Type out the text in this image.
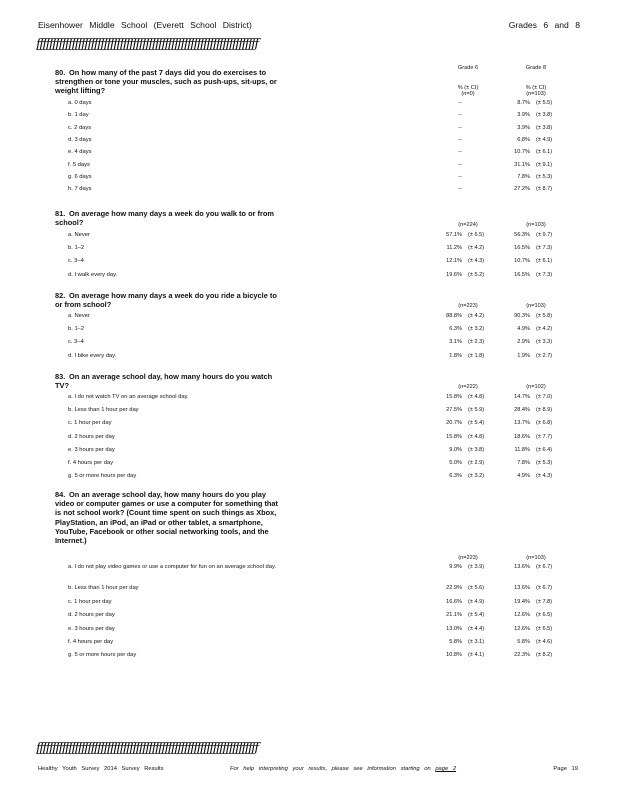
Eisenhower Middle School (Everett School District)	Grades 6 and 8
ƒƒƒƒƒƒƒƒƒƒƒƒƒƒƒƒƒƒƒƒƒƒƒƒƒƒƒƒƒƒƒƒƒƒƒƒƒƒƒƒƒƒƒƒƒƒƒƒƒƒƒƒƒƒƒƒƒƒƒƒƒƒƒƒƒƒƒƒƒ
Grade 6	Grade 8
% (± CI)	% (± CI)
80. On how many of the past 7 days did you do exercises to strengthen or tone your muscles, such as push-ups, sit-ups, or weight lifting?	(n=0)	(n=103)
a. 0 days	--	8.7% (± 5.5)
b. 1 day	--	3.9% (± 3.8)
c. 2 days	--	3.9% (± 3.8)
d. 3 days	--	6.8% (± 4.9)
e. 4 days	--	10.7% (± 6.1)
f. 5 days	--	31.1% (± 9.1)
g. 6 days	--	7.8% (± 5.3)
h. 7 days	--	27.2% (± 8.7)
81. On average how many days a week do you walk to or from school?	(n=224)	(n=103)
a. Never	57.1% (± 6.5)	56.3% (± 9.7)
b. 1–2	11.2% (± 4.2)	16.5% (± 7.3)
c. 3–4	12.1% (± 4.3)	10.7% (± 6.1)
d. I walk every day.	19.6% (± 5.2)	16.5% (± 7.3)
82. On average how many days a week do you ride a bicycle to or from school?	(n=223)	(n=103)
a. Never	88.8% (± 4.2)	90.3% (± 5.8)
b. 1–2	6.3% (± 3.2)	4.9% (± 4.2)
c. 3–4	3.1% (± 2.3)	2.9% (± 3.3)
d. I bike every day.	1.8% (± 1.8)	1.9% (± 2.7)
83. On an average school day, how many hours do you watch TV?	(n=222)	(n=102)
a. I do not watch TV on an average school day.	15.8% (± 4.8)	14.7% (± 7.0)
b. Less than 1 hour per day	27.5% (± 5.9)	28.4% (± 8.9)
c. 1 hour per day	20.7% (± 5.4)	13.7% (± 6.8)
d. 2 hours per day	15.8% (± 4.8)	18.6% (± 7.7)
e. 3 hours per day	9.0% (± 3.8)	11.8% (± 6.4)
f. 4 hours per day	5.0% (± 2.9)	7.8% (± 5.3)
g. 5 or more hours per day	6.3% (± 3.2)	4.9% (± 4.3)
84. On an average school day, how many hours do you play video or computer games or use a computer for something that is not school work? (Count time spent on such things as Xbox, PlayStation, an iPod, an iPad or other tablet, a smartphone, YouTube, Facebook or other social networking tools, and the Internet.)
(n=223)	(n=103)
a. I do not play video games or use a computer for fun on an average school day.	9.9% (± 3.9)	13.6% (± 6.7)
b. Less than 1 hour per day	22.9% (± 5.6)	13.6% (± 6.7)
c. 1 hour per day	16.6% (± 4.9)	19.4% (± 7.8)
d. 2 hours per day	21.1% (± 5.4)	12.6% (± 6.5)
e. 3 hours per day	13.0% (± 4.4)	12.6% (± 6.5)
f. 4 hours per day	5.8% (± 3.1)	5.8% (± 4.6)
g. 5 or more hours per day	10.8% (± 4.1)	22.3% (± 8.2)
ƒƒƒƒƒƒƒƒƒƒƒƒƒƒƒƒƒƒƒƒƒƒƒƒƒƒƒƒƒƒƒƒƒƒƒƒƒƒƒƒƒƒƒƒƒƒƒƒƒƒƒƒƒƒƒƒƒƒƒƒƒƒƒƒƒƒƒƒƒ
Healthy Youth Survey 2014 Survey Results	For help interpreting your results, please see information starting on page 2	Page 19
